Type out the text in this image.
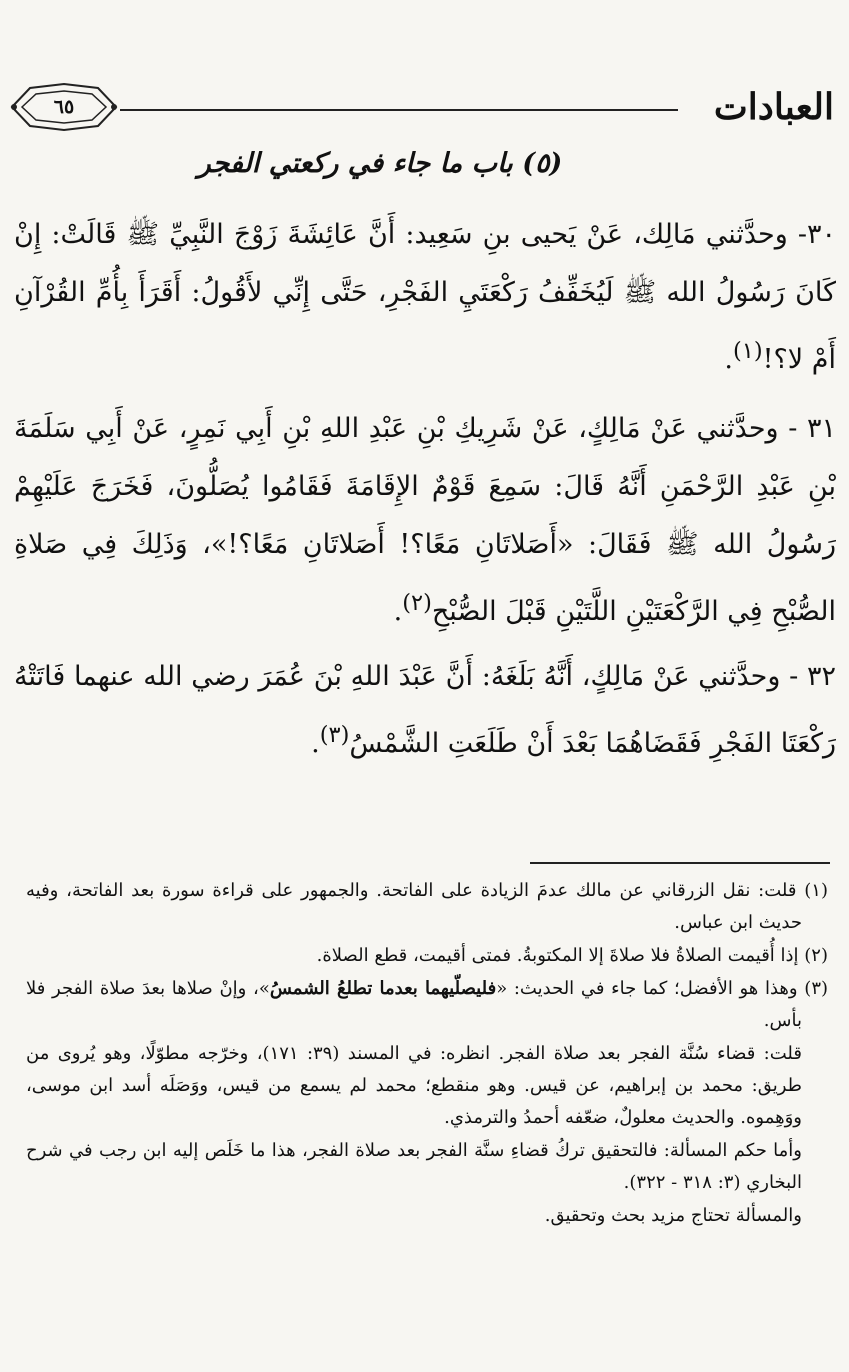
العبادات
٦٥
(٥) باب ما جاء في ركعتي الفجر
٣٠- وحدَّثني مَالِك، عَنْ يَحيى بنِ سَعِيد: أَنَّ عَائِشَةَ زَوْجَ النَّبِيِّ ﷺ قَالَتْ: إِنْ كَانَ رَسُولُ الله ﷺ لَيُخَفِّفُ رَكْعَتَيِ الفَجْرِ، حَتَّى إِنِّي لأَقُولُ: أَقَرَأَ بِأُمِّ القُرْآنِ أَمْ لا؟!$^{(١)}$.
٣١ - وحدَّثني عَنْ مَالِكٍ، عَنْ شَرِيكِ بْنِ عَبْدِ اللهِ بْنِ أَبِي نَمِرٍ، عَنْ أَبِي سَلَمَةَ بْنِ عَبْدِ الرَّحْمَنِ أَنَّهُ قَالَ: سَمِعَ قَوْمٌ الإِقَامَةَ فَقَامُوا يُصَلُّونَ، فَخَرَجَ عَلَيْهِمْ رَسُولُ الله ﷺ فَقَالَ: «أَصَلاتَانِ مَعًا؟! أَصَلاتَانِ مَعًا؟!»، وَذَلِكَ فِي صَلاةِ الصُّبْحِ فِي الرَّكْعَتَيْنِ اللَّتَيْنِ قَبْلَ الصُّبْحِ$^{(٢)}$.
٣٢ - وحدَّثني عَنْ مَالِكٍ، أَنَّهُ بَلَغَهُ: أَنَّ عَبْدَ اللهِ بْنَ عُمَرَ رضي الله عنهما فَاتَتْهُ رَكْعَتَا الفَجْرِ فَقَضَاهُمَا بَعْدَ أَنْ طَلَعَتِ الشَّمْسُ$^{(٣)}$.

(١) قلت: نقل الزرقاني عن مالك عدمَ الزيادة على الفاتحة. والجمهور على قراءة سورة بعد الفاتحة، وفيه حديث ابن عباس.

(٢) إذا أُقيمت الصلاةُ فلا صلاةَ إلا المكتوبةُ. فمتى أقيمت، قطع الصلاة.

(٣) وهذا هو الأفضل؛ كما جاء في الحديث: «فليصلّيهما بعدما تطلعُ الشمسُ»، وإنْ صلاها بعدَ صلاة الفجر فلا بأس.

قلت: قضاء سُنَّة الفجر بعد صلاة الفجر. انظره: في المسند (٣٩: ١٧١)، وخرّجه مطوّلًا، وهو يُروى من طريق: محمد بن إبراهيم، عن قيس. وهو منقطع؛ محمد لم يسمع من قيس، ووَصَلَه أسد ابن موسى، ووَهِموه. والحديث معلولٌ، ضعّفه أحمدُ والترمذي.

وأما حكم المسألة: فالتحقيق تركُ قضاءِ سنَّة الفجر بعد صلاة الفجر، هذا ما خَلَص إليه ابن رجب في شرح البخاري (٣: ٣١٨ - ٣٢٢).

والمسألة تحتاج مزيد بحث وتحقيق.
